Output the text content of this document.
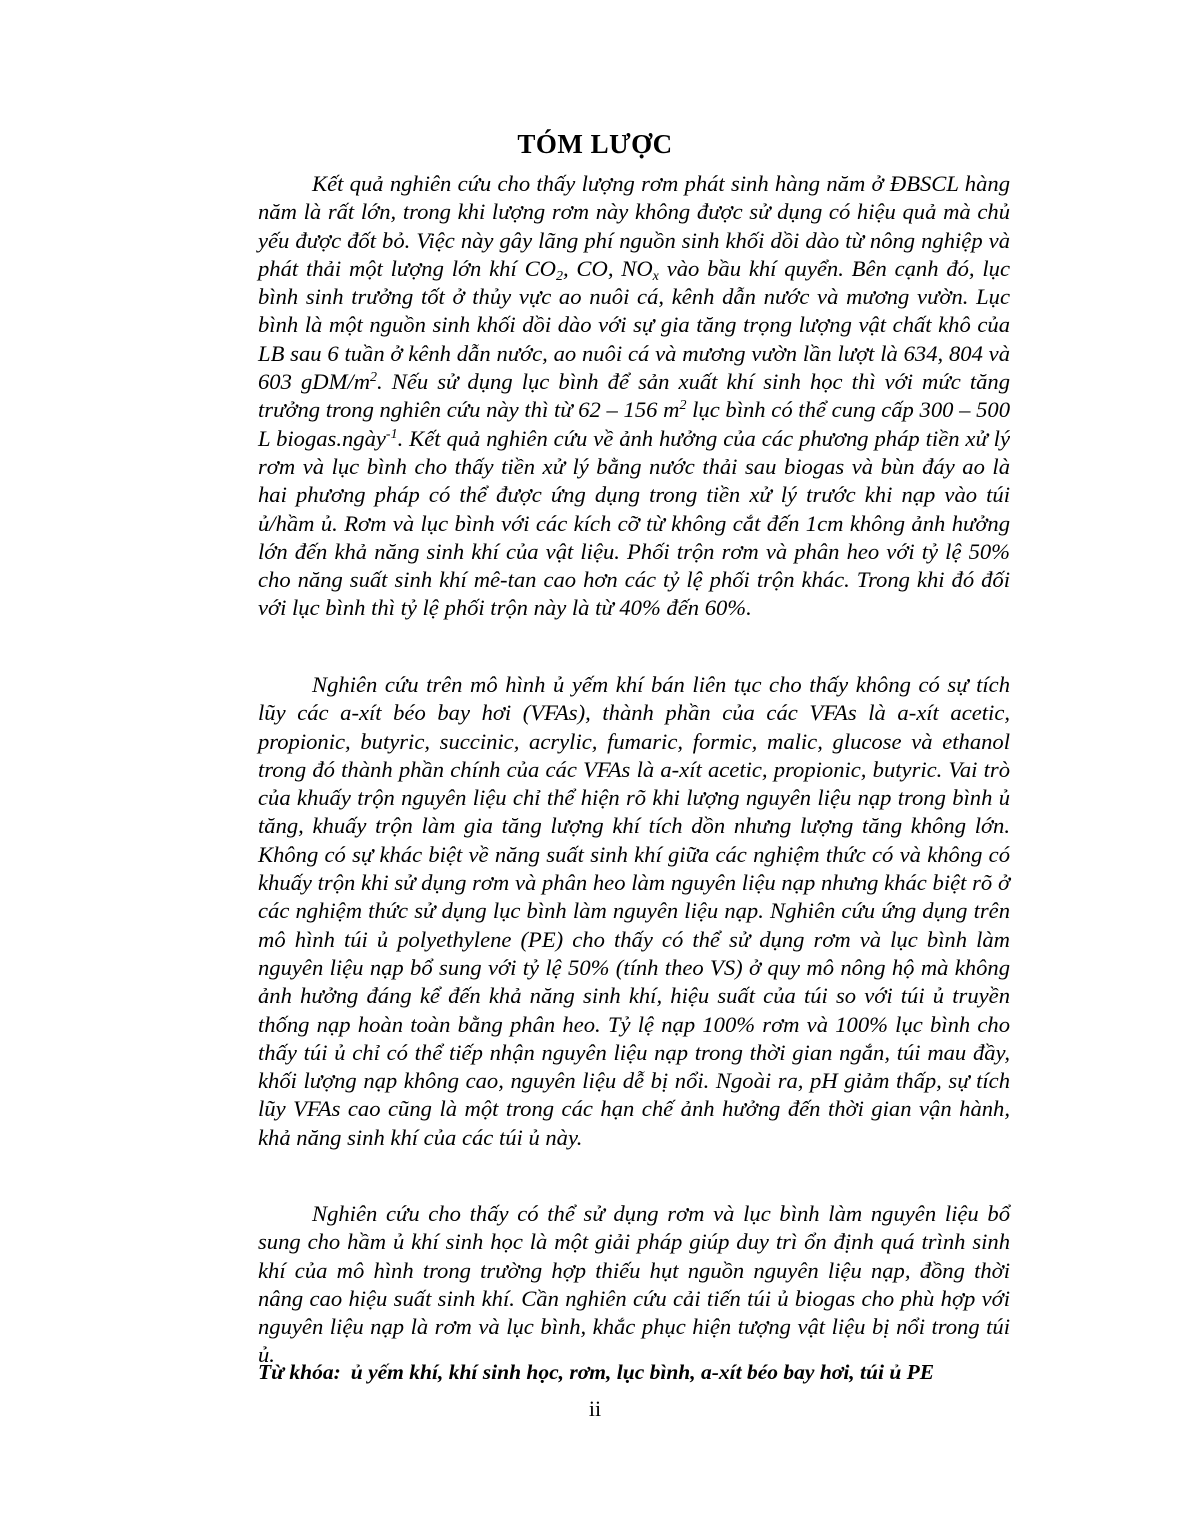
TÓM LƯỢC

Kết quả nghiên cứu cho thấy lượng rơm phát sinh hàng năm ở ĐBSCL hàng năm là rất lớn, trong khi lượng rơm này không được sử dụng có hiệu quả mà chủ yếu được đốt bỏ. Việc này gây lãng phí nguồn sinh khối dồi dào từ nông nghiệp và phát thải một lượng lớn khí $CO_2$, CO, $NO_x$ vào bầu khí quyển. Bên cạnh đó, lục bình sinh trưởng tốt ở thủy vực ao nuôi cá, kênh dẫn nước và mương vườn. Lục bình là một nguồn sinh khối dồi dào với sự gia tăng trọng lượng vật chất khô của LB sau 6 tuần ở kênh dẫn nước, ao nuôi cá và mương vườn lần lượt là 634, 804 và 603 gDM/$m^2$. Nếu sử dụng lục bình để sản xuất khí sinh học thì với mức tăng trưởng trong nghiên cứu này thì từ 62 – 156 $m^2$ lục bình có thể cung cấp 300 – 500 L biogas.ngày$^{-1}$. Kết quả nghiên cứu về ảnh hưởng của các phương pháp tiền xử lý rơm và lục bình cho thấy tiền xử lý bằng nước thải sau biogas và bùn đáy ao là hai phương pháp có thể được ứng dụng trong tiền xử lý trước khi nạp vào túi ủ/hầm ủ. Rơm và lục bình với các kích cỡ từ không cắt đến 1cm không ảnh hưởng lớn đến khả năng sinh khí của vật liệu. Phối trộn rơm và phân heo với tỷ lệ 50% cho năng suất sinh khí mê-tan cao hơn các tỷ lệ phối trộn khác. Trong khi đó đối với lục bình thì tỷ lệ phối trộn này là từ 40% đến 60%.

Nghiên cứu trên mô hình ủ yếm khí bán liên tục cho thấy không có sự tích lũy các a-xít béo bay hơi (VFAs), thành phần của các VFAs là a-xít acetic, propionic, butyric, succinic, acrylic, fumaric, formic, malic, glucose và ethanol trong đó thành phần chính của các VFAs là a-xít acetic, propionic, butyric. Vai trò của khuấy trộn nguyên liệu chỉ thể hiện rõ khi lượng nguyên liệu nạp trong bình ủ tăng, khuấy trộn làm gia tăng lượng khí tích dồn nhưng lượng tăng không lớn. Không có sự khác biệt về năng suất sinh khí giữa các nghiệm thức có và không có khuấy trộn khi sử dụng rơm và phân heo làm nguyên liệu nạp nhưng khác biệt rõ ở các nghiệm thức sử dụng lục bình làm nguyên liệu nạp. Nghiên cứu ứng dụng trên mô hình túi ủ polyethylene (PE) cho thấy có thể sử dụng rơm và lục bình làm nguyên liệu nạp bổ sung với tỷ lệ 50% (tính theo VS) ở quy mô nông hộ mà không ảnh hưởng đáng kể đến khả năng sinh khí, hiệu suất của túi so với túi ủ truyền thống nạp hoàn toàn bằng phân heo. Tỷ lệ nạp 100% rơm và 100% lục bình cho thấy túi ủ chỉ có thể tiếp nhận nguyên liệu nạp trong thời gian ngắn, túi mau đầy, khối lượng nạp không cao, nguyên liệu dễ bị nổi. Ngoài ra, pH giảm thấp, sự tích lũy VFAs cao cũng là một trong các hạn chế ảnh hưởng đến thời gian vận hành, khả năng sinh khí của các túi ủ này.

Nghiên cứu cho thấy có thể sử dụng rơm và lục bình làm nguyên liệu bổ sung cho hầm ủ khí sinh học là một giải pháp giúp duy trì ổn định quá trình sinh khí của mô hình trong trường hợp thiếu hụt nguồn nguyên liệu nạp, đồng thời nâng cao hiệu suất sinh khí. Cần nghiên cứu cải tiến túi ủ biogas cho phù hợp với nguyên liệu nạp là rơm và lục bình, khắc phục hiện tượng vật liệu bị nổi trong túi ủ.

Từ khóa: ủ yếm khí, khí sinh học, rơm, lục bình, a-xít béo bay hơi, túi ủ PE
ii
